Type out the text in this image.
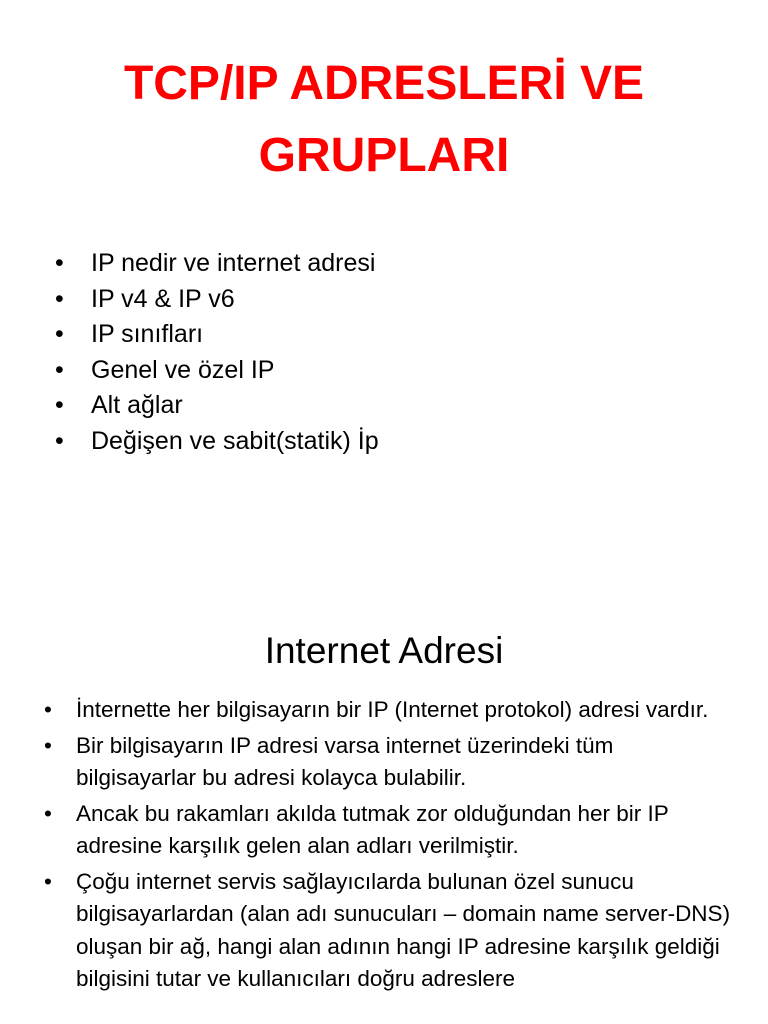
TCP/IP ADRESLERİ VE GRUPLARI
• IP nedir ve internet adresi
• IP v4 & IP v6
• IP sınıfları
• Genel ve özel IP
• Alt ağlar
• Değişen ve sabit(statik) İp
Internet Adresi
• İnternette her bilgisayarın bir IP (Internet protokol) adresi vardır.
• Bir bilgisayarın IP adresi varsa internet üzerindeki tüm bilgisayarlar bu adresi kolayca bulabilir.
• Ancak bu rakamları akılda tutmak zor olduğundan her bir IP adresine karşılık gelen alan adları verilmiştir.
• Çoğu internet servis sağlayıcılarda bulunan özel sunucu bilgisayarlardan (alan adı sunucuları – domain name server-DNS) oluşan bir ağ, hangi alan adının hangi IP adresine karşılık geldiği bilgisini tutar ve kullanıcıları doğru adreslere
